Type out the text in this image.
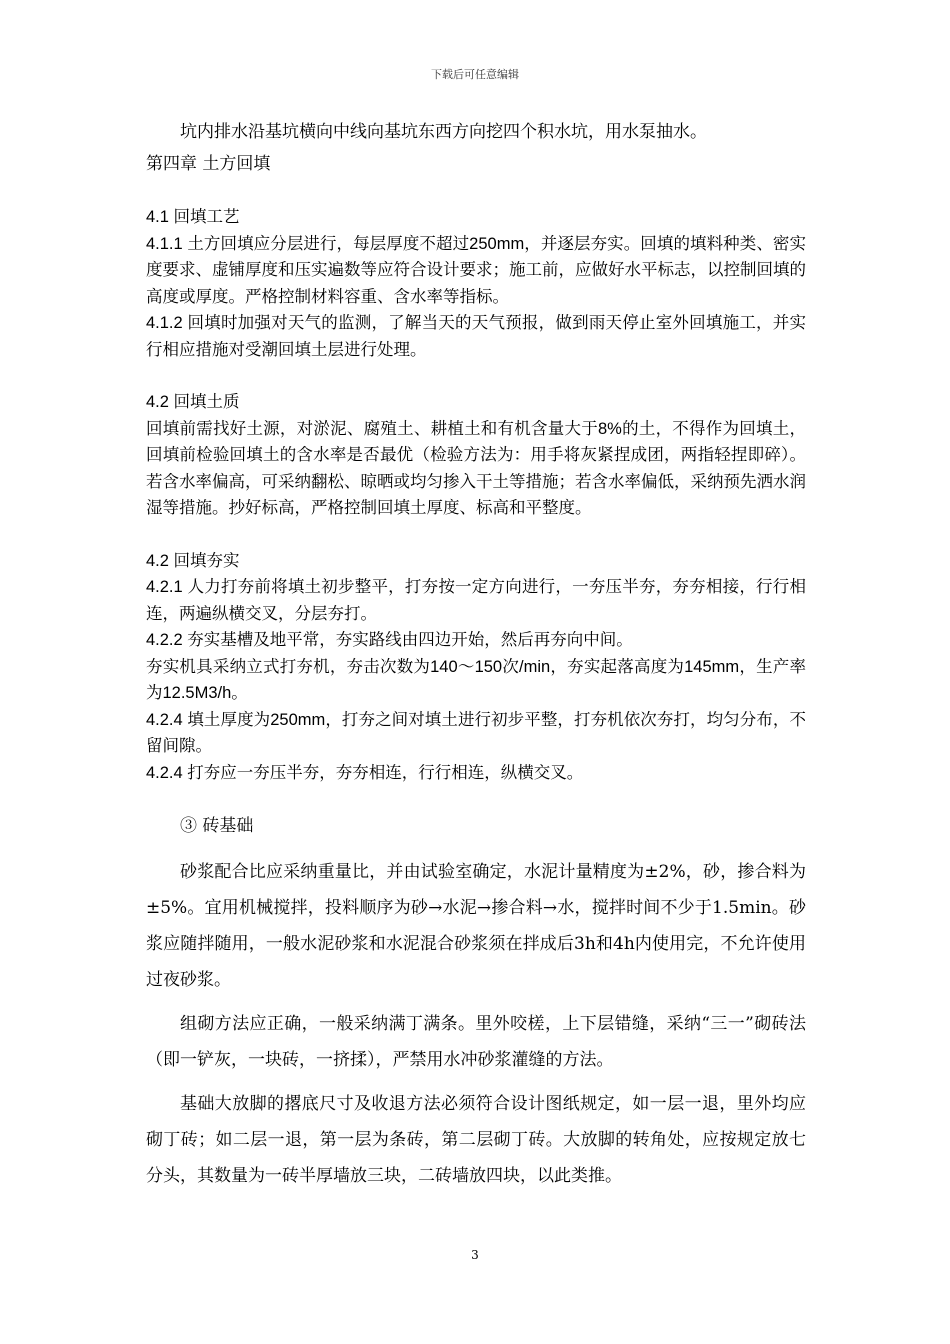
下载后可任意编辑

坑内排水沿基坑横向中线向基坑东西方向挖四个积水坑，用水泵抽水。

第四章 土方回填

4.1 回填工艺

4.1.1 土方回填应分层进行，每层厚度不超过250mm，并逐层夯实。回填的填料种类、密实度要求、虚铺厚度和压实遍数等应符合设计要求；施工前，应做好水平标志，以控制回填的高度或厚度。严格控制材料容重、含水率等指标。

4.1.2 回填时加强对天气的监测，了解当天的天气预报，做到雨天停止室外回填施工，并实行相应措施对受潮回填土层进行处理。

4.2 回填土质

回填前需找好土源，对淤泥、腐殖土、耕植土和有机含量大于8%的土，不得作为回填土，回填前检验回填土的含水率是否最优（检验方法为：用手将灰紧捏成团，两指轻捏即碎）。若含水率偏高，可采纳翻松、晾晒或均匀掺入干土等措施；若含水率偏低，采纳预先洒水润湿等措施。抄好标高，严格控制回填土厚度、标高和平整度。

4.2 回填夯实

4.2.1 人力打夯前将填土初步整平，打夯按一定方向进行，一夯压半夯，夯夯相接，行行相连，两遍纵横交叉，分层夯打。

4.2.2 夯实基槽及地平常，夯实路线由四边开始，然后再夯向中间。

夯实机具采纳立式打夯机，夯击次数为140～150次/min，夯实起落高度为145mm，生产率为12.5M3/h。

4.2.4 填土厚度为250mm，打夯之间对填土进行初步平整，打夯机依次夯打，均匀分布，不留间隙。

4.2.4 打夯应一夯压半夯，夯夯相连，行行相连，纵横交叉。

③ 砖基础

砂浆配合比应采纳重量比，并由试验室确定，水泥计量精度为±2%，砂，掺合料为±5%。宜用机械搅拌，投料顺序为砂→水泥→掺合料→水，搅拌时间不少于1.5min。砂浆应随拌随用，一般水泥砂浆和水泥混合砂浆须在拌成后3h和4h内使用完，不允许使用过夜砂浆。

组砌方法应正确，一般采纳满丁满条。里外咬槎，上下层错缝，采纳“三一”砌砖法（即一铲灰，一块砖，一挤揉），严禁用水冲砂浆灌缝的方法。

基础大放脚的撂底尺寸及收退方法必须符合设计图纸规定，如一层一退，里外均应砌丁砖；如二层一退，第一层为条砖，第二层砌丁砖。大放脚的转角处，应按规定放七分头，其数量为一砖半厚墙放三块，二砖墙放四块，以此类推。

3
